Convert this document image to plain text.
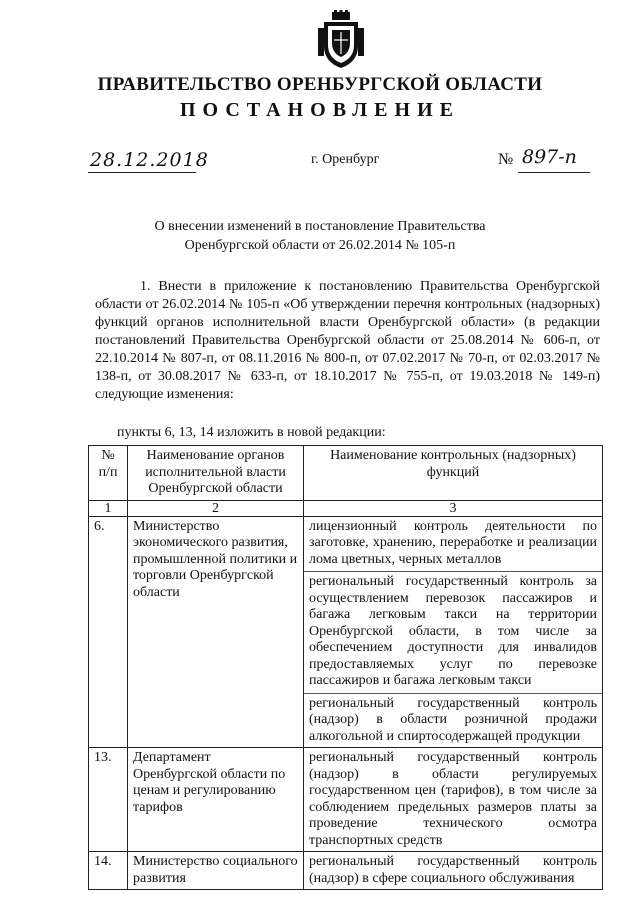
ПРАВИТЕЛЬСТВО ОРЕНБУРГСКОЙ ОБЛАСТИ
ПОСТАНОВЛЕНИЕ
28.12.2018	г. Оренбург	№ 897-п
О внесении изменений в постановление Правительства
Оренбургской области от 26.02.2014 № 105-п

1. Внести в приложение к постановлению Правительства Оренбургской области от 26.02.2014 № 105-п «Об утверждении перечня контрольных (надзорных) функций органов исполнительной власти Оренбургской области» (в редакции постановлений Правительства Оренбургской области от 25.08.2014 № 606-п, от 22.10.2014 № 807-п, от 08.11.2016 № 800-п, от 07.02.2017 № 70-п, от 02.03.2017 № 138-п, от 30.08.2017 № 633-п, от 18.10.2017 № 755-п, от 19.03.2018 № 149-п) следующие изменения:

пункты 6, 13, 14 изложить в новой редакции:
№ п/п	Наименование органов исполнительной власти Оренбургской области	Наименование контрольных (надзорных) функций
1	2	3
6.	Министерство экономического развития, промышленной политики и торговли Оренбургской области	лицензионный контроль деятельности по заготовке, хранению, переработке и реализации лома цветных, черных металлов
региональный государственный контроль за осуществлением перевозок пассажиров и багажа легковым такси на территории Оренбургской области, в том числе за обеспечением доступности для инвалидов предоставляемых услуг по перевозке пассажиров и багажа легковым такси
региональный государственный контроль (надзор) в области розничной продажи алкогольной и спиртосодержащей продукции

13.	Департамент Оренбургской области по ценам и регулированию тарифов	региональный государственный контроль (надзор) в области регулируемых государственном цен (тарифов), в том числе за соблюдением предельных размеров платы за проведение технического осмотра транспортных средств

14.	Министерство социального развития	региональный государственный контроль (надзор) в сфере социального обслуживания
